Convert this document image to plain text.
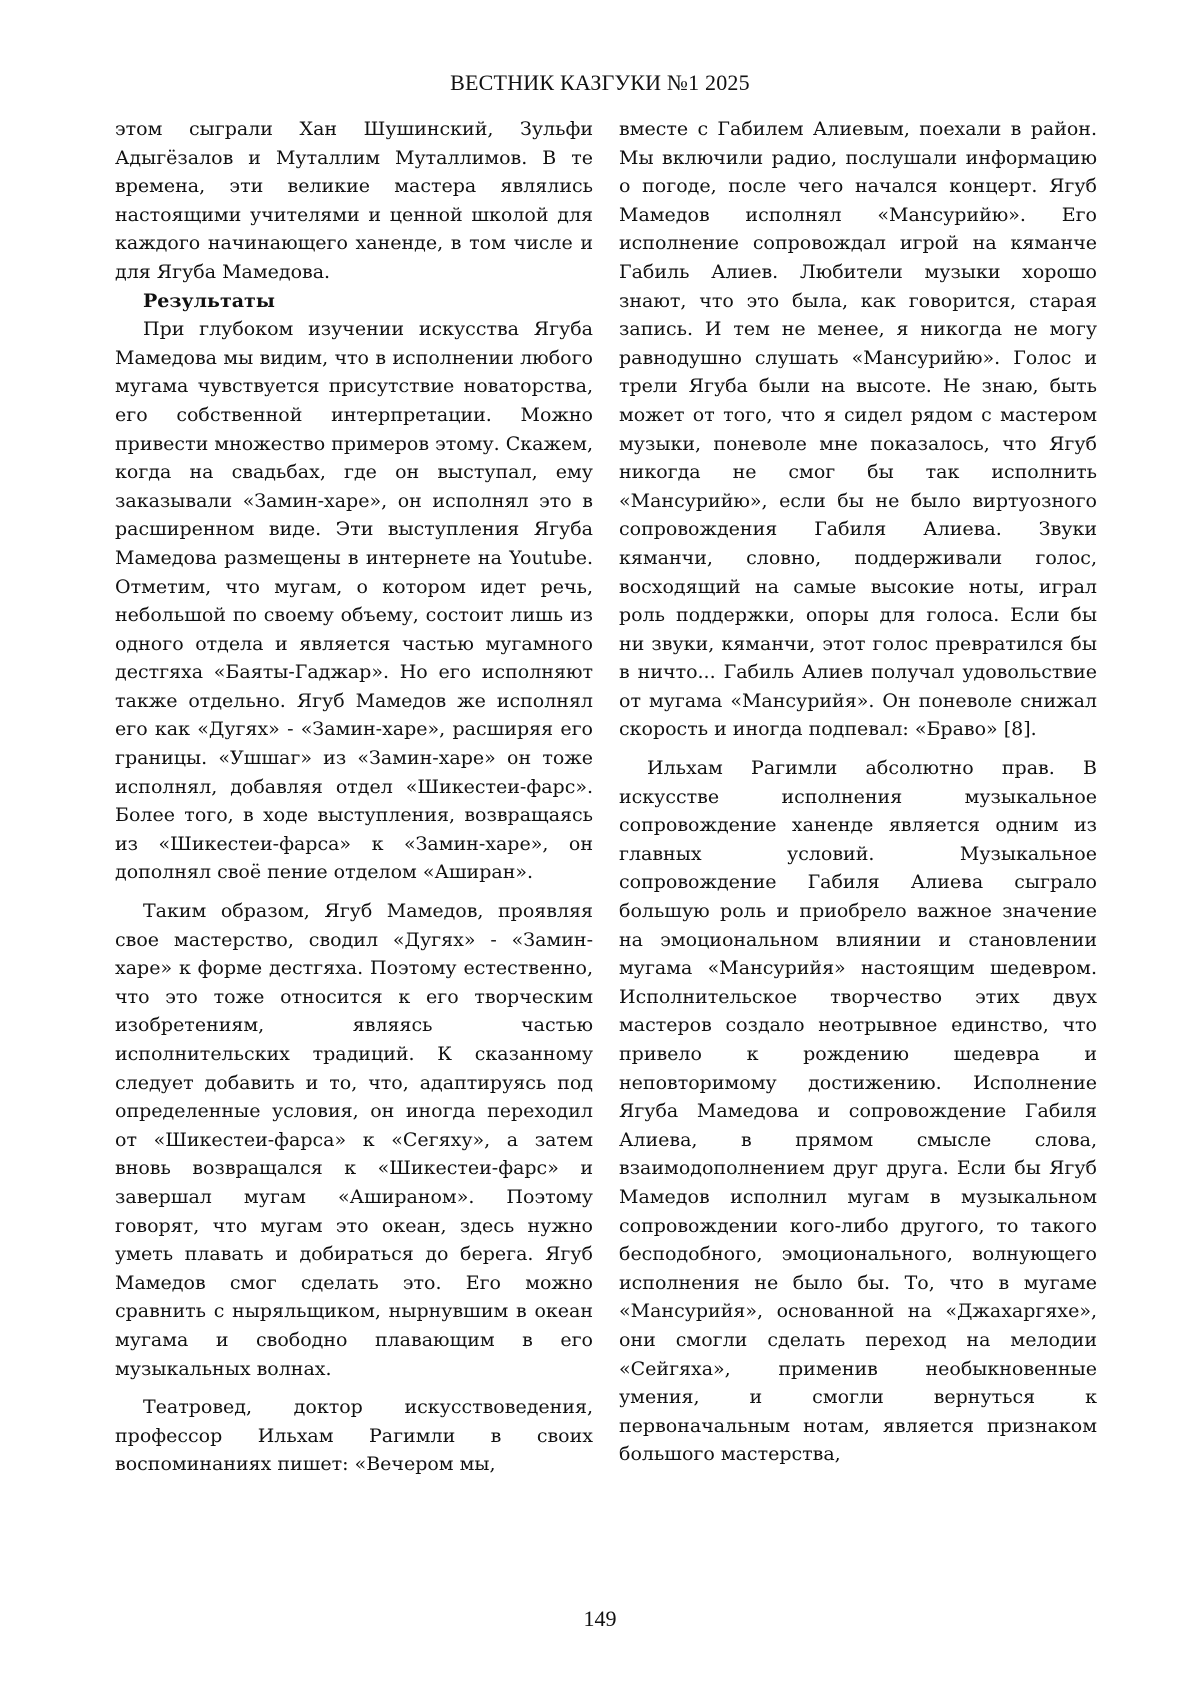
ВЕСТНИК КАЗГУКИ №1 2025

этом сыграли Хан Шушинский, Зульфи Адыгёзалов и Муталлим Муталлимов. В те времена, эти великие мастера являлись настоящими учителями и ценной школой для каждого начинающего ханенде, в том числе и для Ягуба Мамедова.

Результаты

При глубоком изучении искусства Ягуба Мамедова мы видим, что в исполнении любого мугама чувствуется присутствие новаторства, его собственной интерпретации. Можно привести множество примеров этому. Скажем, когда на свадьбах, где он выступал, ему заказывали «Замин-харе», он исполнял это в расширенном виде. Эти выступления Ягуба Мамедова размещены в интернете на Youtube. Отметим, что мугам, о котором идет речь, небольшой по своему объему, состоит лишь из одного отдела и является частью мугамного дестгяха «Баяты-Гаджар». Но его исполняют также отдельно. Ягуб Мамедов же исполнял его как «Дугях» - «Замин-харе», расширяя его границы. «Ушшаг» из «Замин-харе» он тоже исполнял, добавляя отдел «Шикестеи-фарс». Более того, в ходе выступления, возвращаясь из «Шикестеи-фарса» к «Замин-харе», он дополнял своё пение отделом «Аширан».

Таким образом, Ягуб Мамедов, проявляя свое мастерство, сводил «Дугях» - «Замин-харе» к форме дестгяха. Поэтому естественно, что это тоже относится к его творческим изобретениям, являясь частью исполнительских традиций. К сказанному следует добавить и то, что, адаптируясь под определенные условия, он иногда переходил от «Шикестеи-фарса» к «Сегяху», а затем вновь возвращался к «Шикестеи-фарс» и завершал мугам «Ашираном». Поэтому говорят, что мугам это океан, здесь нужно уметь плавать и добираться до берега. Ягуб Мамедов смог сделать это. Его можно сравнить с ныряльщиком, нырнувшим в океан мугама и свободно плавающим в его музыкальных волнах.

Театровед, доктор искусствоведения, профессор Ильхам Рагимли в своих воспоминаниях пишет: «Вечером мы,

вместе с Габилем Алиевым, поехали в район. Мы включили радио, послушали информацию о погоде, после чего начался концерт. Ягуб Мамедов исполнял «Мансурийю». Его исполнение сопровождал игрой на кяманче Габиль Алиев. Любители музыки хорошо знают, что это была, как говорится, старая запись. И тем не менее, я никогда не могу равнодушно слушать «Мансурийю». Голос и трели Ягуба были на высоте. Не знаю, быть может от того, что я сидел рядом с мастером музыки, поневоле мне показалось, что Ягуб никогда не смог бы так исполнить «Мансурийю», если бы не было виртуозного сопровождения Габиля Алиева. Звуки кяманчи, словно, поддерживали голос, восходящий на самые высокие ноты, играл роль поддержки, опоры для голоса. Если бы ни звуки, кяманчи, этот голос превратился бы в ничто... Габиль Алиев получал удовольствие от мугама «Мансурийя». Он поневоле снижал скорость и иногда подпевал: «Браво» [8].

Ильхам Рагимли абсолютно прав. В искусстве исполнения музыкальное сопровождение ханенде является одним из главных условий. Музыкальное сопровождение Габиля Алиева сыграло большую роль и приобрело важное значение на эмоциональном влиянии и становлении мугама «Мансурийя» настоящим шедевром. Исполнительское творчество этих двух мастеров создало неотрывное единство, что привело к рождению шедевра и неповторимому достижению. Исполнение Ягуба Мамедова и сопровождение Габиля Алиева, в прямом смысле слова, взаимодополнением друг друга. Если бы Ягуб Мамедов исполнил мугам в музыкальном сопровождении кого-либо другого, то такого бесподобного, эмоционального, волнующего исполнения не было бы. То, что в мугаме «Мансурийя», основанной на «Джахаргяхе», они смогли сделать переход на мелодии «Сейгяха», применив необыкновенные умения, и смогли вернуться к первоначальным нотам, является признаком большого мастерства,

149
